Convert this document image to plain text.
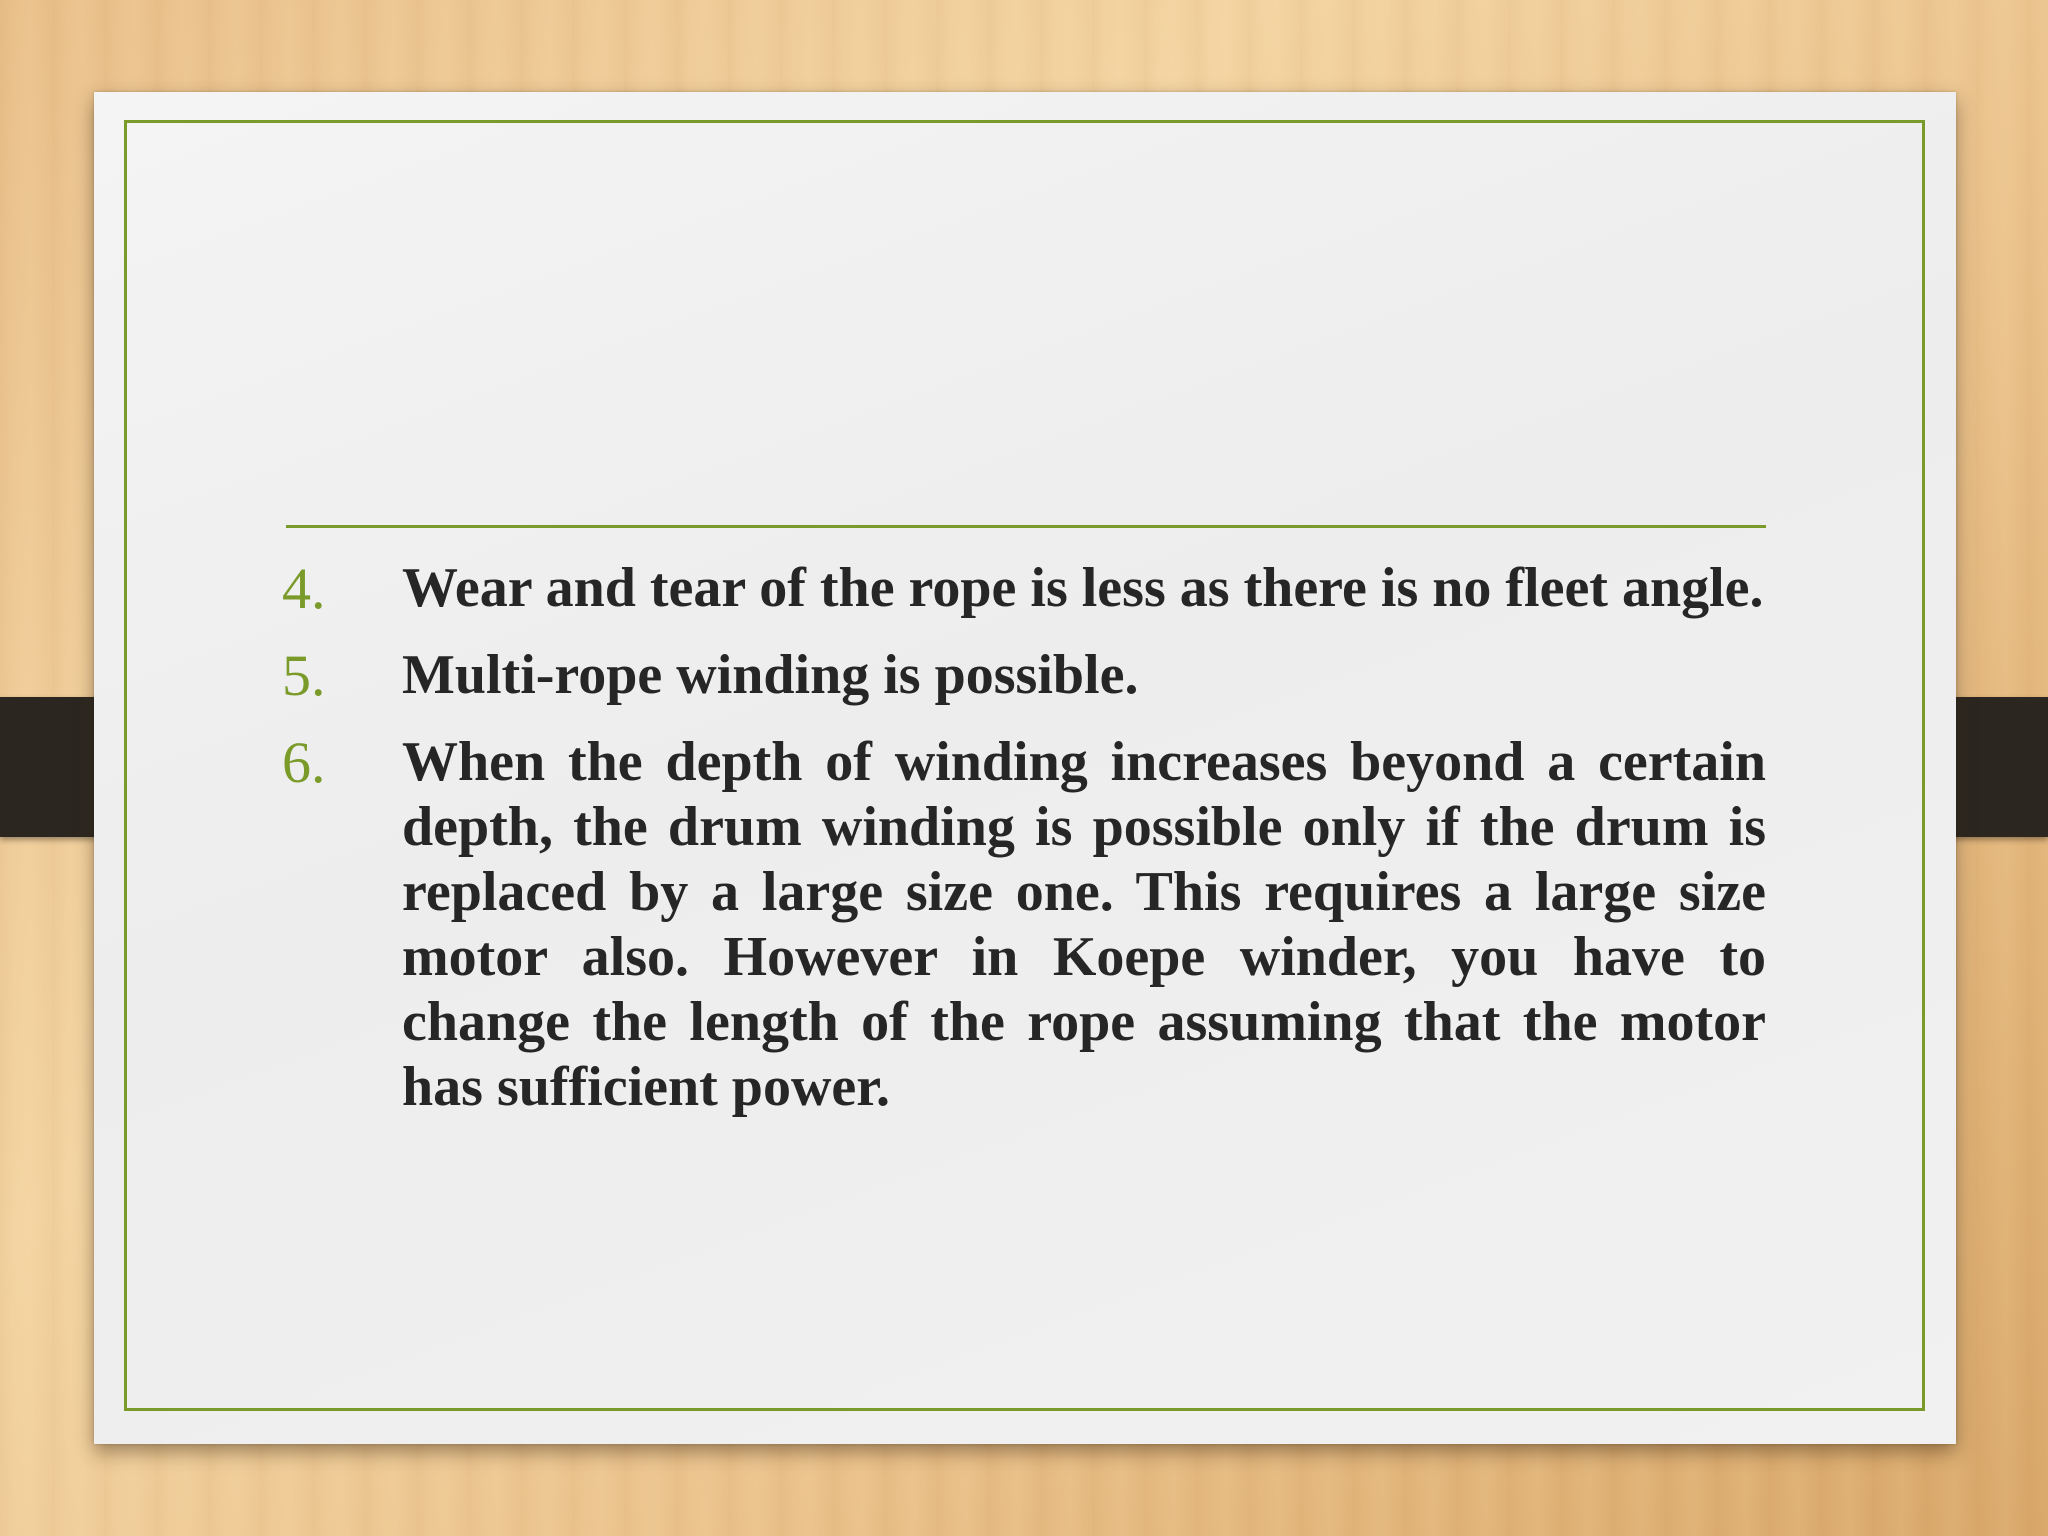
4. Wear and tear of the rope is less as there is no fleet angle.
5. Multi-rope winding is possible.
6. When the depth of winding increases beyond a certain depth, the drum winding is possible only if the drum is replaced by a large size one. This requires a large size motor also. However in Koepe winder, you have to change the length of the rope assuming that the motor has sufficient power.
